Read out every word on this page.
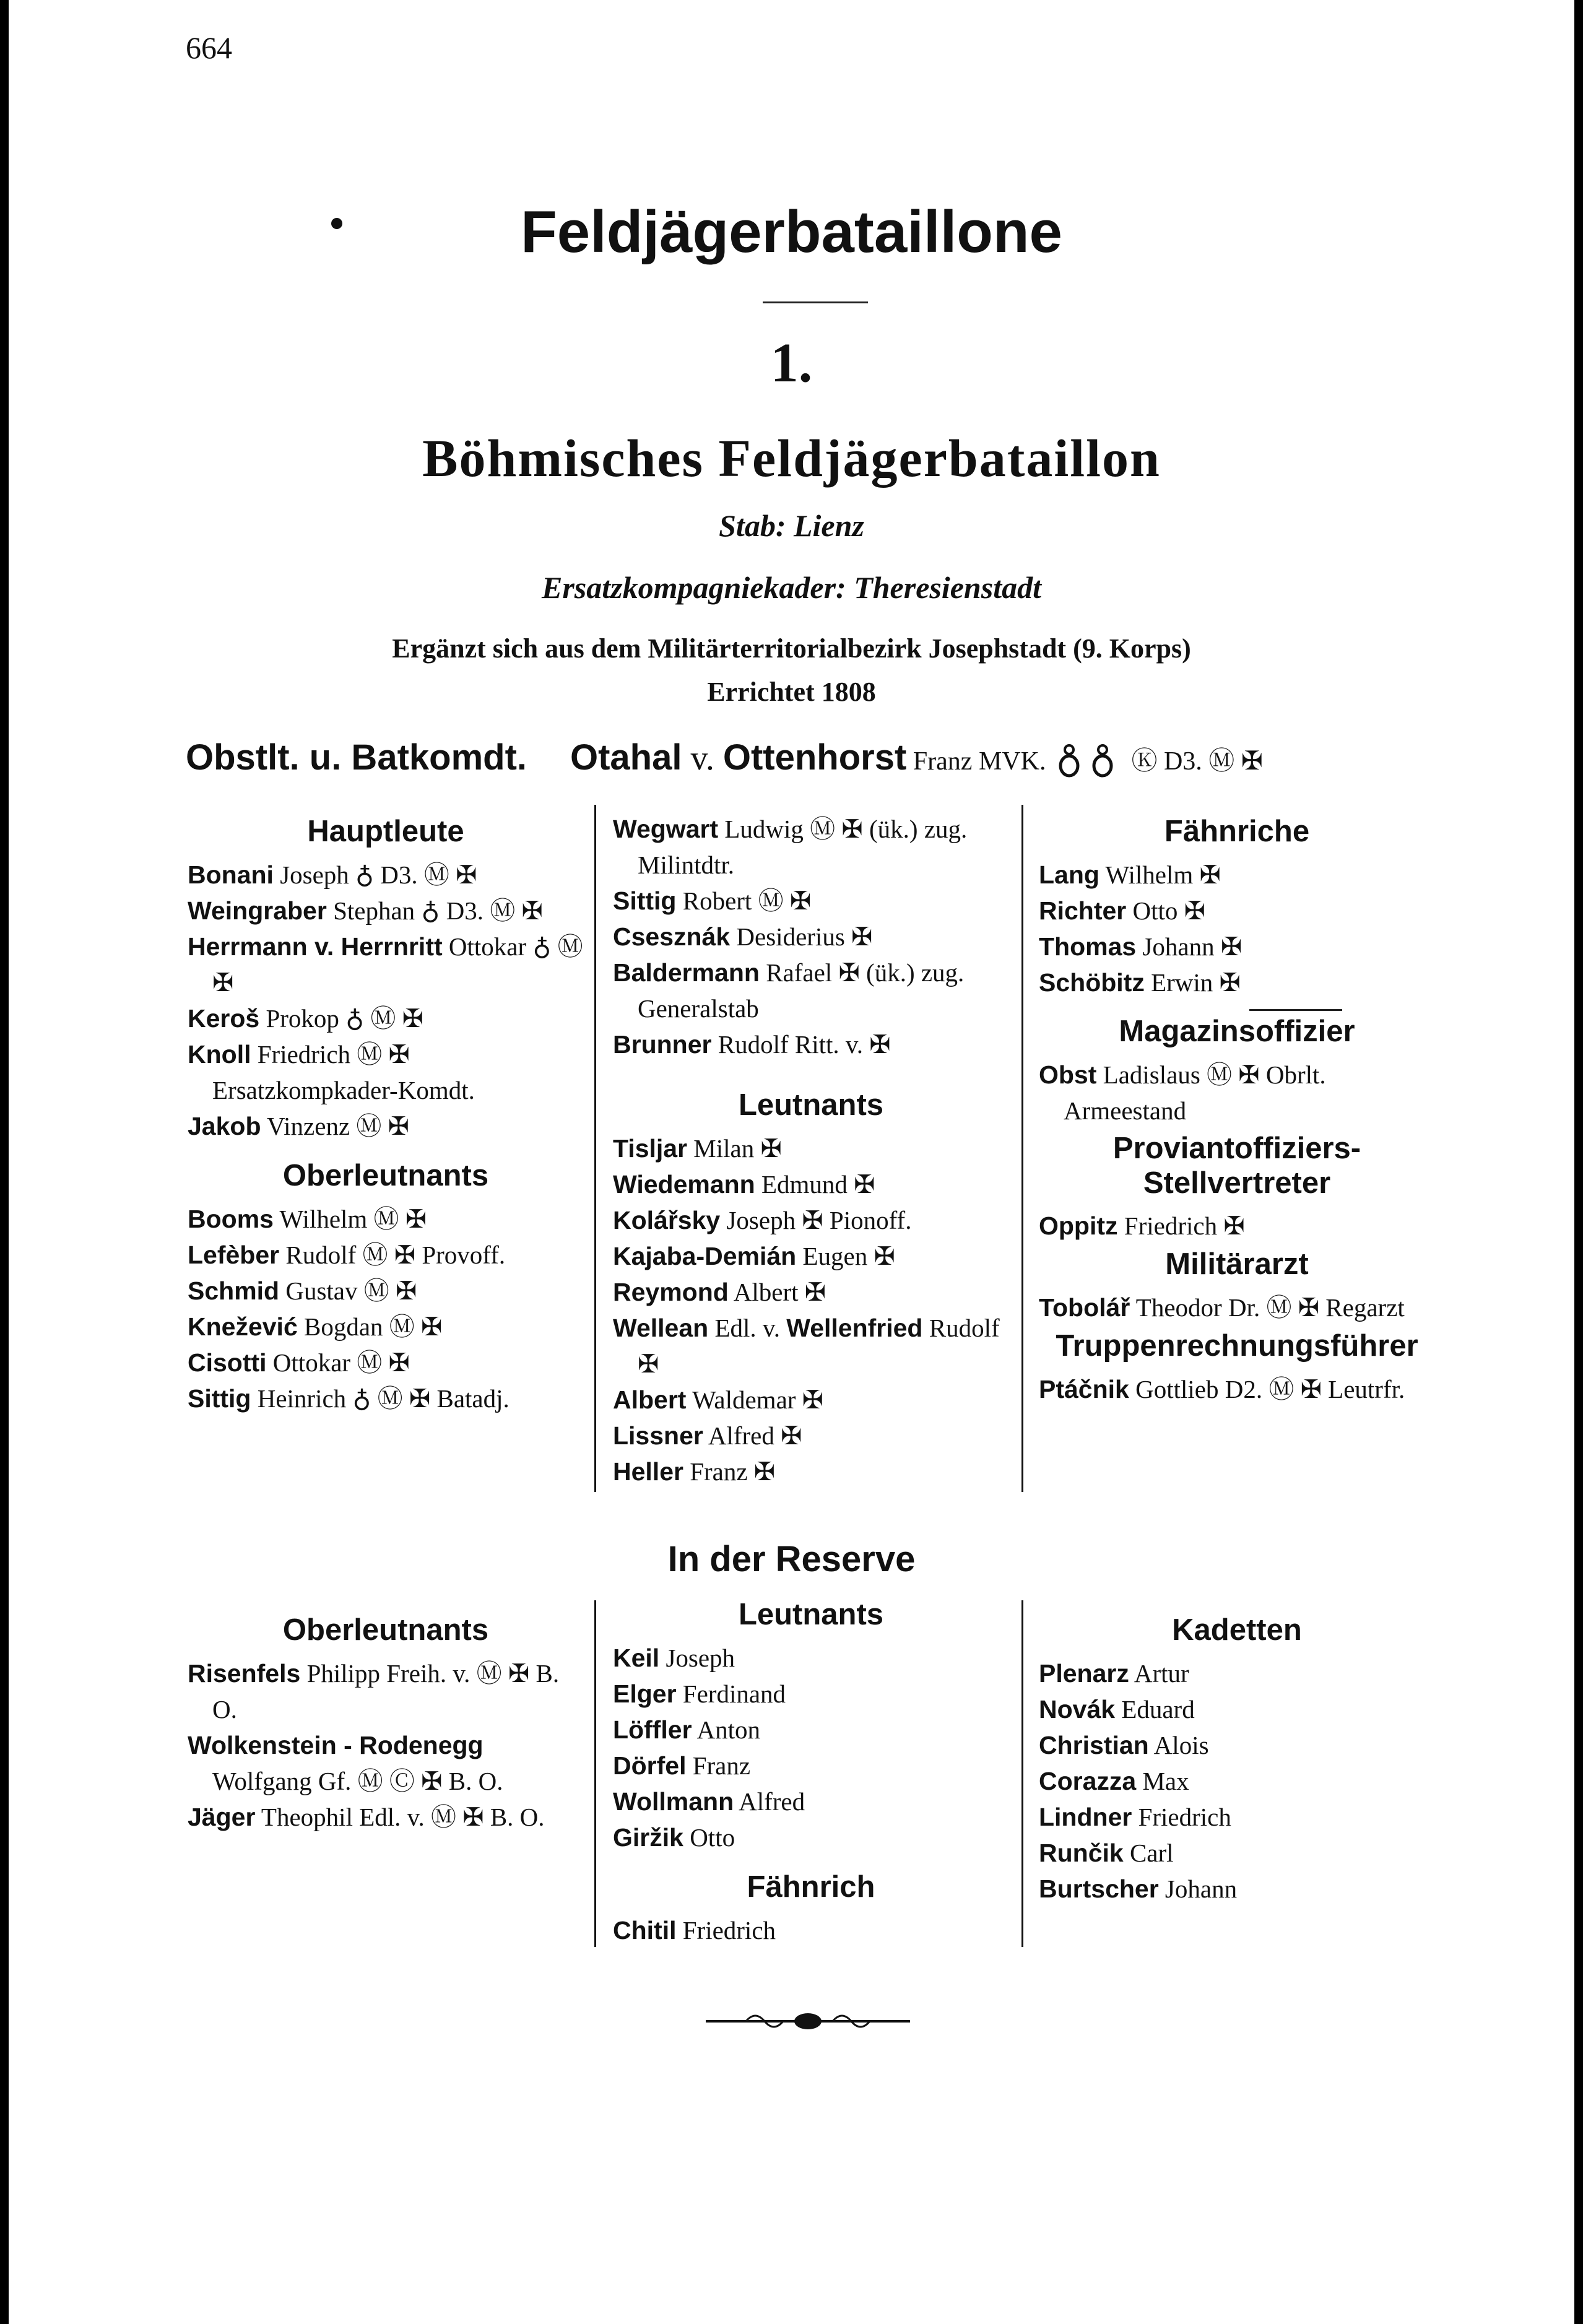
664
Feldjägerbataillone
1.
Böhmisches Feldjägerbataillon
Stab: Lienz
Ersatzkompagniekader: Theresienstadt
Ergänzt sich aus dem Militärterritorialbezirk Josephstadt (9. Korps)
Errichtet 1808
Obstlt. u. Batkomdt. Otahal v. Ottenhorst Franz MVK.	Ⓚ D3. Ⓜ ✠
Hauptleute
Bonani Joseph ♁ D3. Ⓜ ✠
Weingraber Stephan ♁ D3. Ⓜ ✠
Herrmann v. Herrnritt Ottokar ♁ Ⓜ ✠
Keroš Prokop ♁ Ⓜ ✠
Knoll Friedrich Ⓜ ✠ Ersatzkompkader-Komdt.
Jakob Vinzenz Ⓜ ✠
Oberleutnants
Booms Wilhelm Ⓜ ✠
Lefèber Rudolf Ⓜ ✠ Provoff.
Schmid Gustav Ⓜ ✠
Knežević Bogdan Ⓜ ✠
Cisotti Ottokar Ⓜ ✠
Sittig Heinrich ♁ Ⓜ ✠ Batadj.
Wegwart Ludwig Ⓜ ✠ (ük.) zug. Milintdtr.
Sittig Robert Ⓜ ✠
Csesznák Desiderius ✠
Baldermann Rafael ✠ (ük.) zug. Generalstab
Brunner Rudolf Ritt. v. ✠
Leutnants
Tisljar Milan ✠
Wiedemann Edmund ✠
Kolářsky Joseph ✠ Pionoff.
Kajaba-Demián Eugen ✠
Reymond Albert ✠
Wellean Edl. v. Wellenfried Rudolf ✠
Albert Waldemar ✠
Lissner Alfred ✠
Heller Franz ✠
Fähnriche
Lang Wilhelm ✠
Richter Otto ✠
Thomas Johann ✠
Schöbitz Erwin ✠
Magazinsoffizier
Obst Ladislaus Ⓜ ✠ Obrlt. Armeestand
Proviantoffiziers-Stellvertreter
Oppitz Friedrich ✠
Militärarzt
Tobolář Theodor Dr. Ⓜ ✠ Regarzt
Truppenrechnungsführer
Ptáčnik Gottlieb D2. Ⓜ ✠ Leutrfr.
In der Reserve
Oberleutnants
Risenfels Philipp Freih. v. Ⓜ ✠ B. O.
Wolkenstein - Rodenegg Wolfgang Gf. Ⓜ Ⓒ ✠ B. O.
Jäger Theophil Edl. v. Ⓜ ✠ B. O.
Leutnants
Keil Joseph
Elger Ferdinand
Löffler Anton
Dörfel Franz
Wollmann Alfred
Giržik Otto
Fähnrich
Chitil Friedrich
Kadetten
Plenarz Artur
Novák Eduard
Christian Alois
Corazza Max
Lindner Friedrich
Runčik Carl
Burtscher Johann
